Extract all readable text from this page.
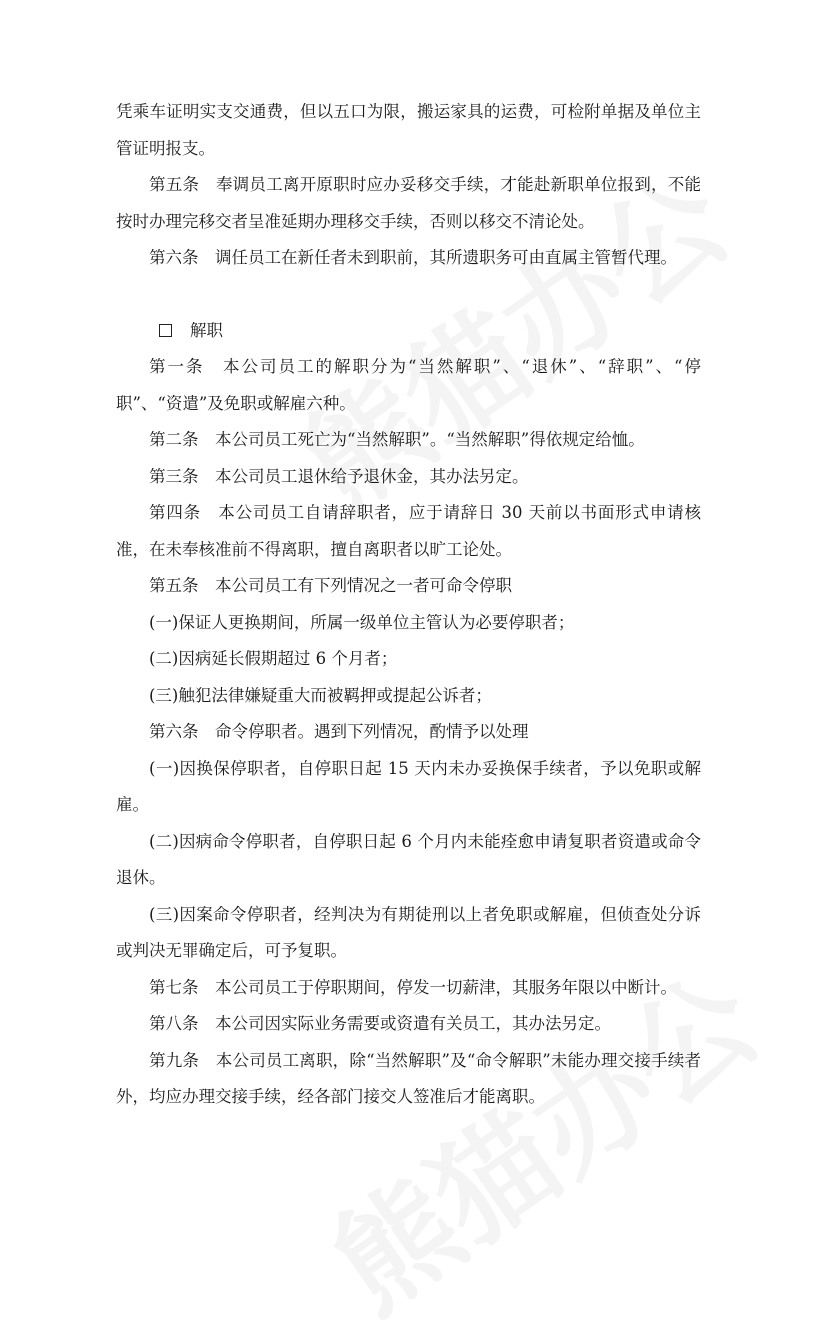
凭乘车证明实支交通费，但以五口为限，搬运家具的运费，可检附单据及单位主管证明报支。

第五条　奉调员工离开原职时应办妥移交手续，才能赴新职单位报到，不能按时办理完移交者呈准延期办理移交手续，否则以移交不清论处。

第六条　调任员工在新任者未到职前，其所遗职务可由直属主管暂代理。

解职

第一条　本公司员工的解职分为“当然解职”、“退休”、“辞职”、“停职”、“资遣”及免职或解雇六种。

第二条　本公司员工死亡为“当然解职”。“当然解职”得依规定给恤。

第三条　本公司员工退休给予退休金，其办法另定。

第四条　本公司员工自请辞职者，应于请辞日 30 天前以书面形式申请核准，在未奉核准前不得离职，擅自离职者以旷工论处。

第五条　本公司员工有下列情况之一者可命令停职

(一)保证人更换期间，所属一级单位主管认为必要停职者；

(二)因病延长假期超过 6 个月者；

(三)触犯法律嫌疑重大而被羁押或提起公诉者；

第六条　命令停职者。遇到下列情况，酌情予以处理

(一)因换保停职者，自停职日起 15 天内未办妥换保手续者，予以免职或解雇。

(二)因病命令停职者，自停职日起 6 个月内未能痊愈申请复职者资遣或命令退休。

(三)因案命令停职者，经判决为有期徒刑以上者免职或解雇，但侦查处分诉或判决无罪确定后，可予复职。

第七条　本公司员工于停职期间，停发一切薪津，其服务年限以中断计。

第八条　本公司因实际业务需要或资遣有关员工，其办法另定。

第九条　本公司员工离职，除“当然解职”及“命令解职”未能办理交接手续者外，均应办理交接手续，经各部门接交人签准后才能离职。
